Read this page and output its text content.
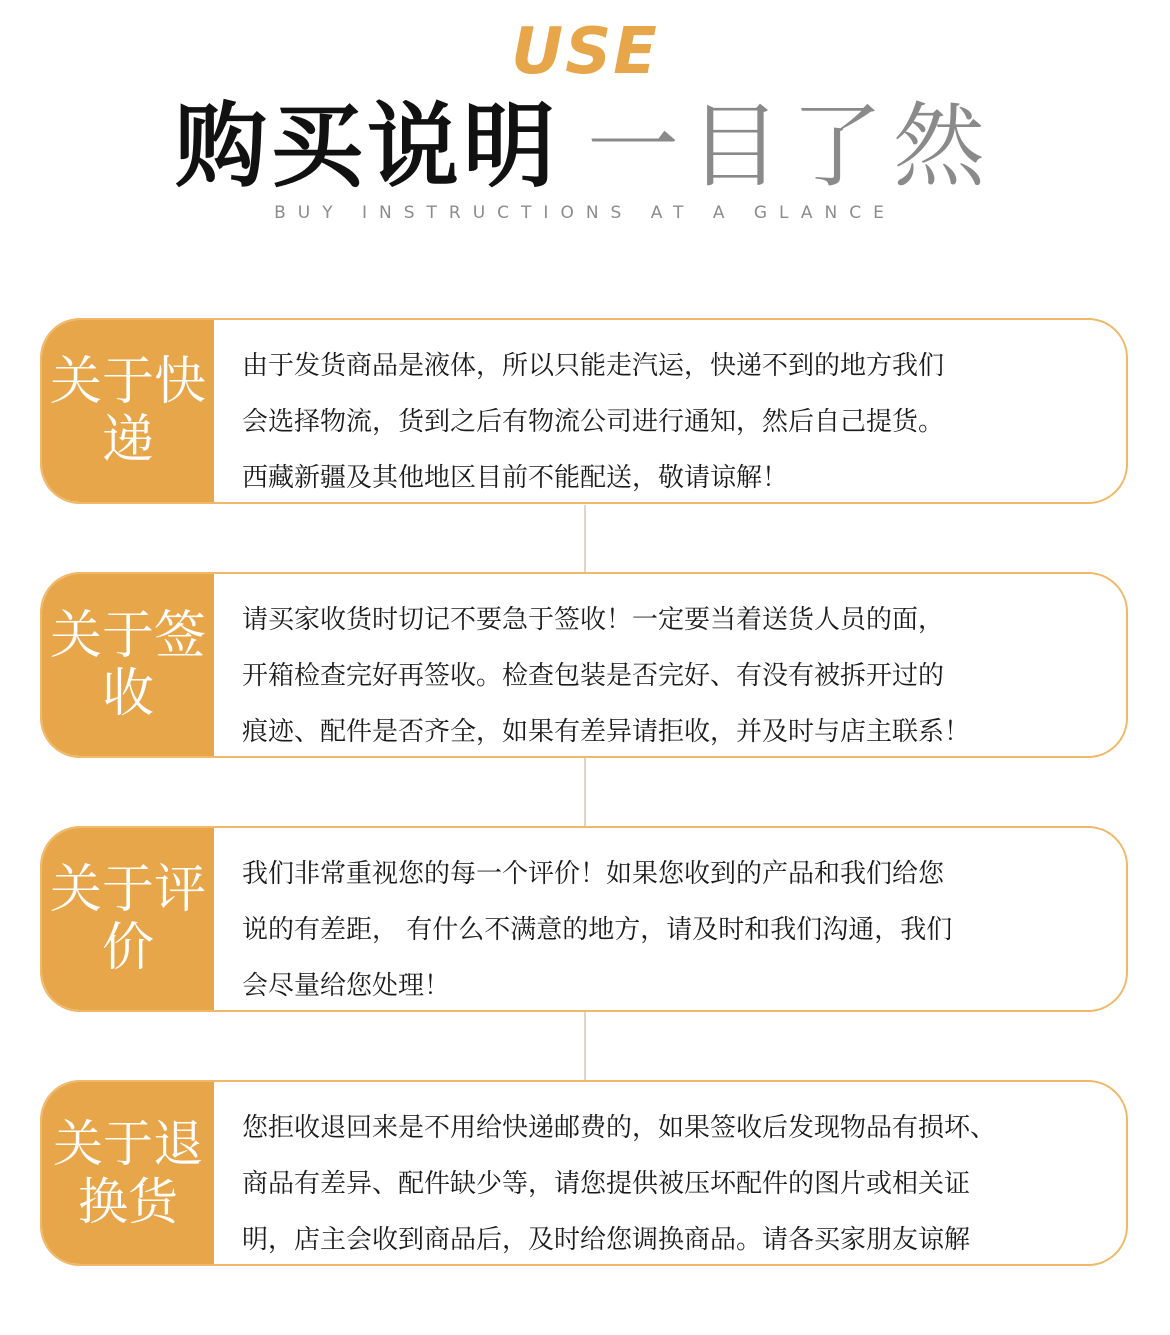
USE
购买说明 一目了然
BUY INSTRUCTIONS AT A GLANCE
关于快递
由于发货商品是液体，所以只能走汽运，快递不到的地方我们
会选择物流，货到之后有物流公司进行通知，然后自己提货。
西藏新疆及其他地区目前不能配送，敬请谅解！
关于签收
请买家收货时切记不要急于签收！一定要当着送货人员的面，
开箱检查完好再签收。检查包装是否完好、有没有被拆开过的
痕迹、配件是否齐全，如果有差异请拒收，并及时与店主联系！
关于评价
我们非常重视您的每一个评价！如果您收到的产品和我们给您
说的有差距， 有什么不满意的地方，请及时和我们沟通，我们
会尽量给您处理！
关于退换货
您拒收退回来是不用给快递邮费的，如果签收后发现物品有损坏、
商品有差异、配件缺少等，请您提供被压坏配件的图片或相关证
明，店主会收到商品后，及时给您调换商品。请各买家朋友谅解
